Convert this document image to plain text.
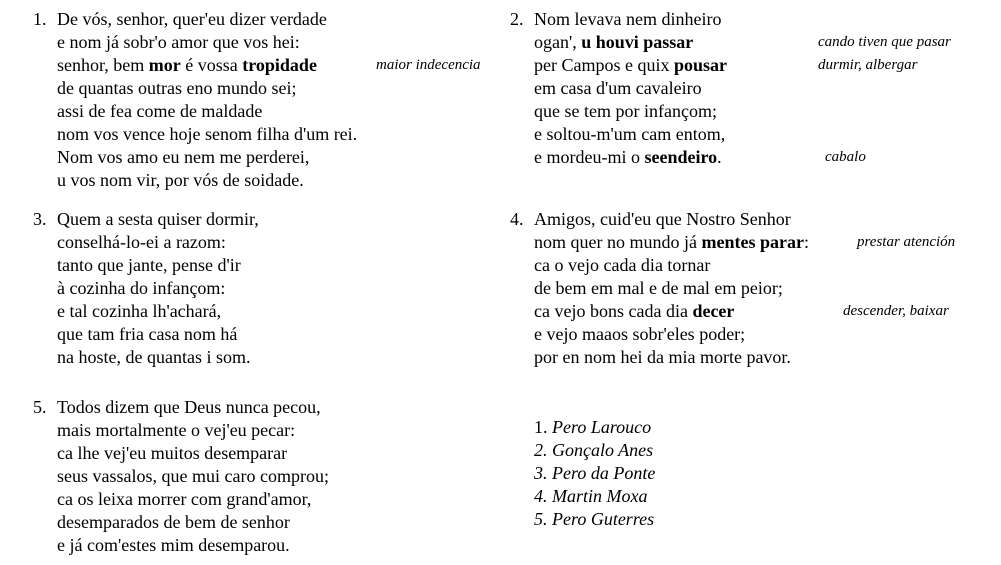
1. De vós, senhor, quer'eu dizer verdade
e nom já sobr'o amor que vos hei:
senhor, bem mor é vossa tropidade	maior indecencia
de quantas outras eno mundo sei;
assi de fea come de maldade
nom vos vence hoje senom filha d'um rei.
Nom vos amo eu nem me perderei,
u vos nom vir, por vós de soidade.
2. Nom levava nem dinheiro
ogan', u houvi passar	cando tiven que pasar
per Campos e quix pousar	durmir, albergar
em casa d'um cavaleiro
que se tem por infançom;
e soltou-m'um cam entom,
e mordeu-mi o seendeiro.	cabalo
3. Quem a sesta quiser dormir,
conselhá-lo-ei a razom:
tanto que jante, pense d'ir
à cozinha do infançom:
e tal cozinha lh'achará,
que tam fria casa nom há
na hoste, de quantas i som.
4. Amigos, cuid'eu que Nostro Senhor
nom quer no mundo já mentes parar:	prestar atención
ca o vejo cada dia tornar
de bem em mal e de mal em peior;
ca vejo bons cada dia decer	descender, baixar
e vejo maaos sobr'eles poder;
por en nom hei da mia morte pavor.
5. Todos dizem que Deus nunca pecou,
mais mortalmente o vej'eu pecar:
ca lhe vej'eu muitos desemparar
seus vassalos, que mui caro comprou;
ca os leixa morrer com grand'amor,
desemparados de bem de senhor
e já com'estes mim desemparou.
1. Pero Larouco
2. Gonçalo Anes
3. Pero da Ponte
4. Martin Moxa
5. Pero Guterres
